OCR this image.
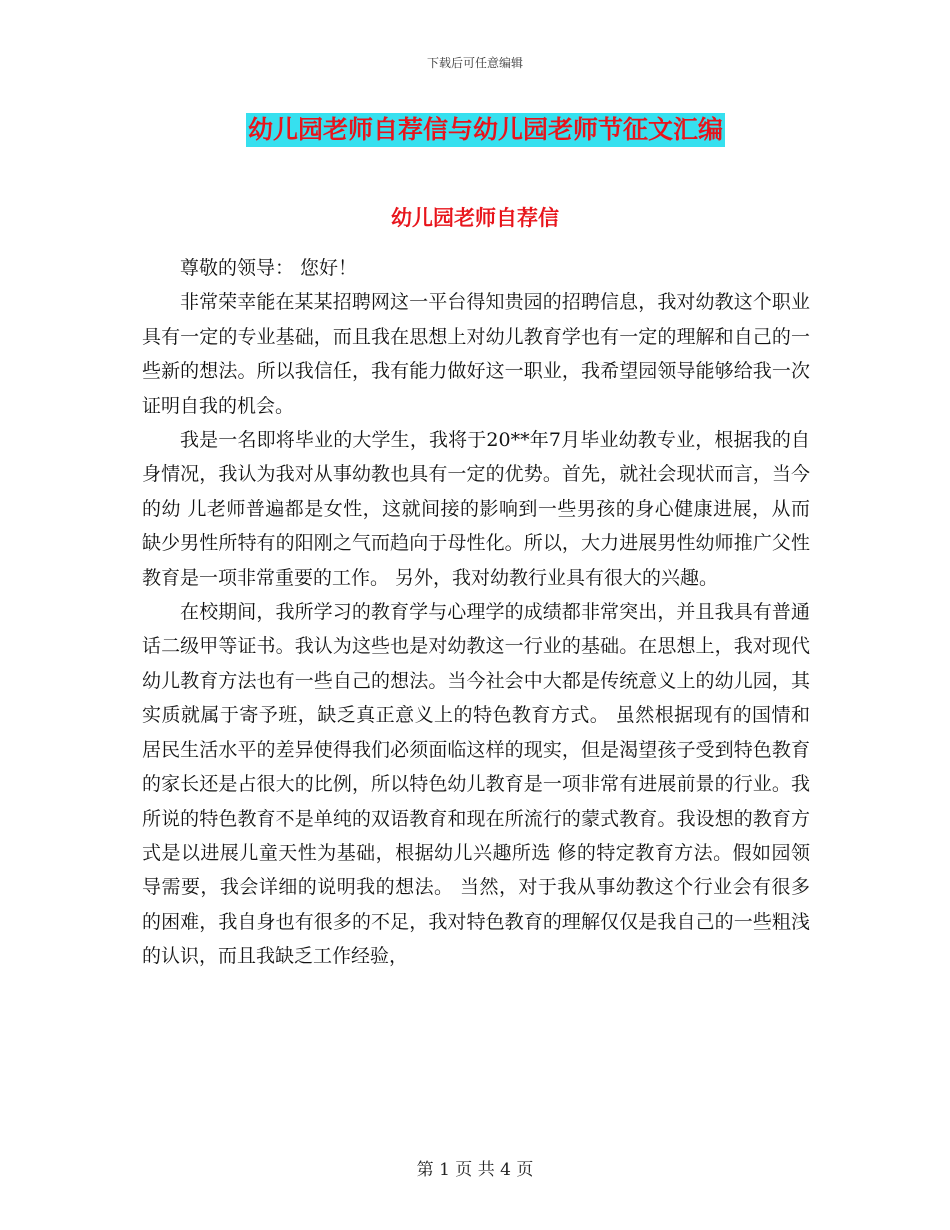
下载后可任意编辑
幼儿园老师自荐信与幼儿园老师节征文汇编
幼儿园老师自荐信

尊敬的领导： 您好！

非常荣幸能在某某招聘网这一平台得知贵园的招聘信息，我对幼教这个职业具有一定的专业基础，而且我在思想上对幼儿教育学也有一定的理解和自己的一些新的想法。所以我信任，我有能力做好这一职业，我希望园领导能够给我一次证明自我的机会。

我是一名即将毕业的大学生，我将于20**年7月毕业幼教专业，根据我的自身情况，我认为我对从事幼教也具有一定的优势。首先，就社会现状而言，当今的幼 儿老师普遍都是女性，这就间接的影响到一些男孩的身心健康进展，从而缺少男性所特有的阳刚之气而趋向于母性化。所以，大力进展男性幼师推广父性教育是一项非常重要的工作。 另外，我对幼教行业具有很大的兴趣。

在校期间，我所学习的教育学与心理学的成绩都非常突出，并且我具有普通话二级甲等证书。我认为这些也是对幼教这一行业的基础。在思想上，我对现代幼儿教育方法也有一些自己的想法。当今社会中大都是传统意义上的幼儿园，其实质就属于寄予班，缺乏真正意义上的特色教育方式。 虽然根据现有的国情和居民生活水平的差异使得我们必须面临这样的现实，但是渴望孩子受到特色教育的家长还是占很大的比例，所以特色幼儿教育是一项非常有进展前景的行业。我所说的特色教育不是单纯的双语教育和现在所流行的蒙式教育。我设想的教育方式是以进展儿童天性为基础，根据幼儿兴趣所选 修的特定教育方法。假如园领导需要，我会详细的说明我的想法。 当然，对于我从事幼教这个行业会有很多的困难，我自身也有很多的不足，我对特色教育的理解仅仅是我自己的一些粗浅的认识，而且我缺乏工作经验，

第 1 页 共 4 页
